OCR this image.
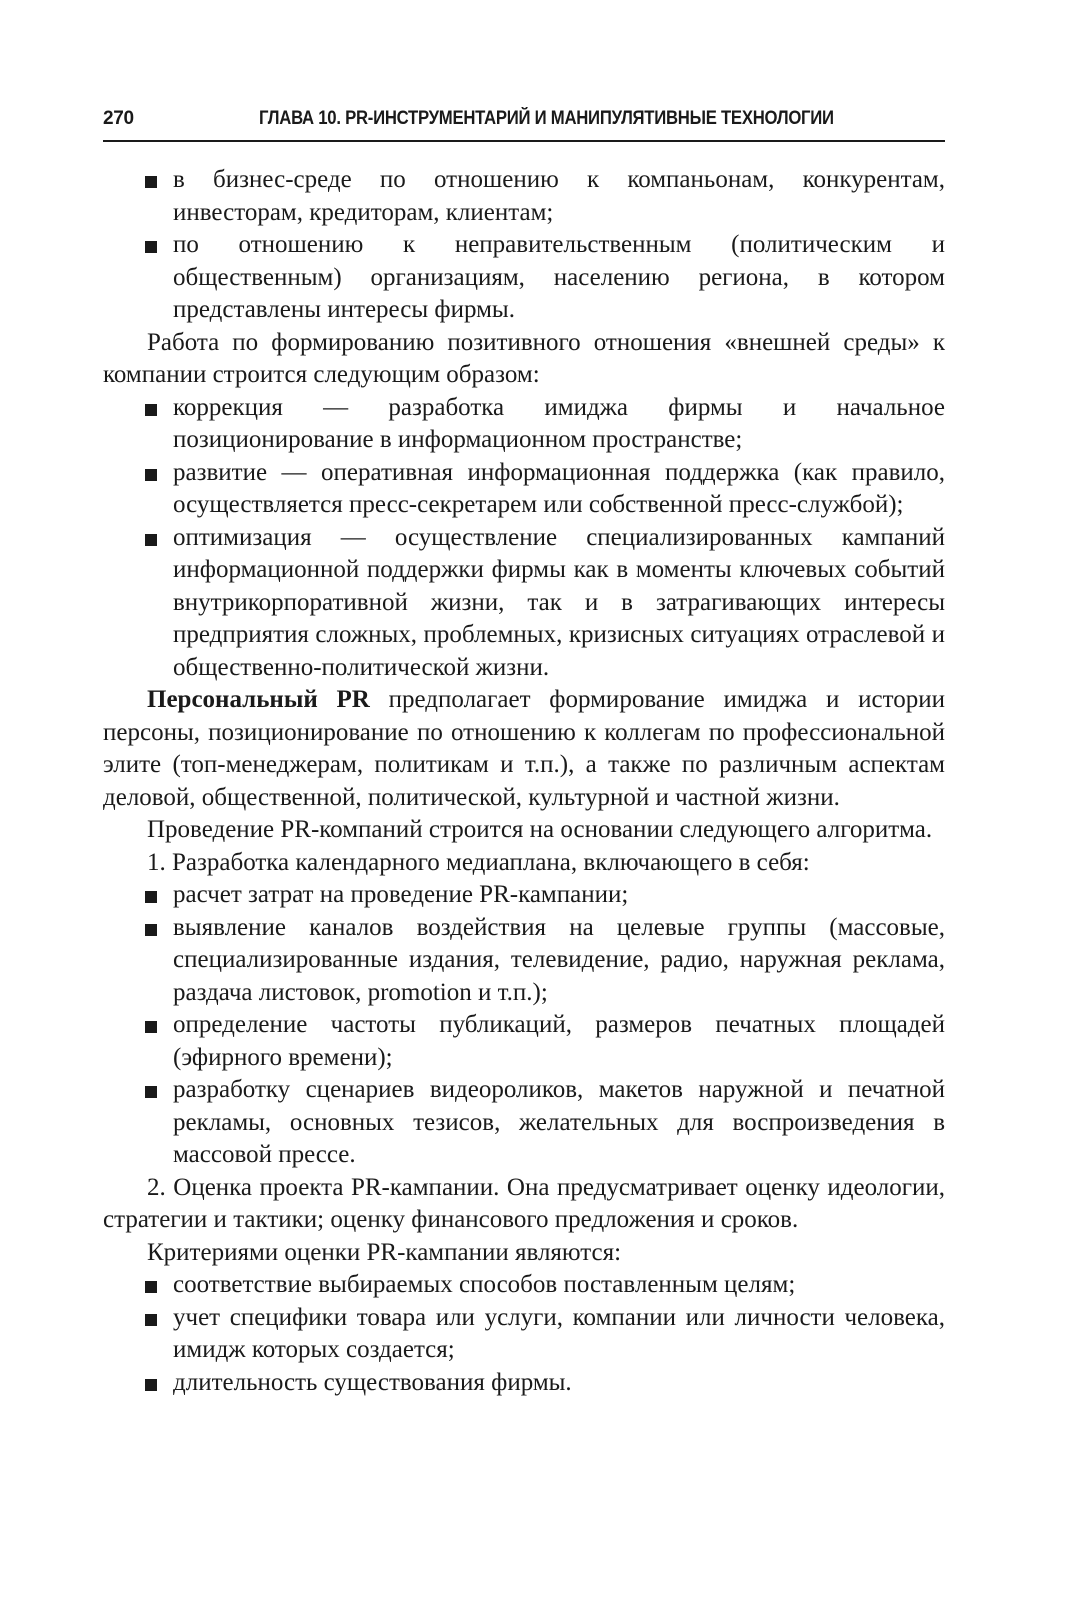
270	ГЛАВА 10. PR-ИНСТРУМЕНТАРИЙ И МАНИПУЛЯТИВНЫЕ ТЕХНОЛОГИИ
в бизнес-среде по отношению к компаньонам, конкурентам, инвесторам, кредиторам, клиентам;
по отношению к неправительственным (политическим и общественным) организациям, населению региона, в котором представлены интересы фирмы.

Работа по формированию позитивного отношения «внешней среды» к компании строится следующим образом:

коррекция — разработка имиджа фирмы и начальное позиционирование в информационном пространстве;
развитие — оперативная информационная поддержка (как правило, осуществляется пресс-секретарем или собственной пресс-службой);
оптимизация — осуществление специализированных кампаний информационной поддержки фирмы как в моменты ключевых событий внутрикорпоративной жизни, так и в затрагивающих интересы предприятия сложных, проблемных, кризисных ситуациях отраслевой и общественно-политической жизни.

Персональный PR предполагает формирование имиджа и истории персоны, позиционирование по отношению к коллегам по профессиональной элите (топ-менеджерам, политикам и т.п.), а также по различным аспектам деловой, общественной, политической, культурной и частной жизни.

Проведение PR-компаний строится на основании следующего алгоритма.

1. Разработка календарного медиаплана, включающего в себя:

расчет затрат на проведение PR-кампании;
выявление каналов воздействия на целевые группы (массовые, специализированные издания, телевидение, радио, наружная реклама, раздача листовок, promotion и т.п.);
определение частоты публикаций, размеров печатных площадей (эфирного времени);
разработку сценариев видеороликов, макетов наружной и печатной рекламы, основных тезисов, желательных для воспроизведения в массовой прессе.

2. Оценка проекта PR-кампании. Она предусматривает оценку идеологии, стратегии и тактики; оценку финансового предложения и сроков.

Критериями оценки PR-кампании являются:

соответствие выбираемых способов поставленным целям;
учет специфики товара или услуги, компании или личности человека, имидж которых создается;
длительность существования фирмы.
